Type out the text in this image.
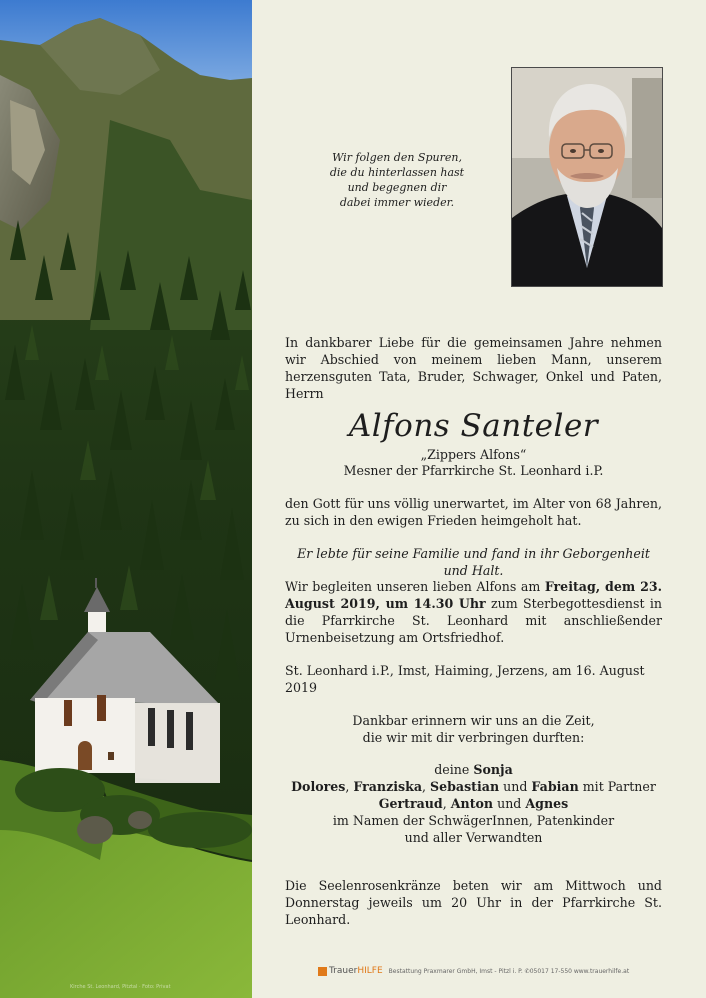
Kirche St. Leonhard, Pitztal · Foto: Privat
Wir folgen den Spuren,
die du hinterlassen hast
und begegnen dir
dabei immer wieder.
In dankbarer Liebe für die gemeinsamen Jahre nehmen wir Abschied von meinem lieben Mann, unserem herzensguten Tata, Bruder, Schwager, Onkel und Paten, Herrn
Alfons Santeler
„Zippers Alfons“
Mesner der Pfarrkirche St. Leonhard i.P.
den Gott für uns völlig unerwartet, im Alter von 68 Jahren, zu sich in den ewigen Frieden heimgeholt hat.
Er lebte für seine Familie und fand in ihr Geborgenheit und Halt.
Wir begleiten unseren lieben Alfons am Freitag, dem 23. August 2019, um 14.30 Uhr zum Sterbegottesdienst in die Pfarrkirche St. Leonhard mit anschließender Urnenbeisetzung am Ortsfriedhof.
St. Leonhard i.P., Imst, Haiming, Jerzens, am 16. August 2019
Dankbar erinnern wir uns an die Zeit,
die wir mit dir verbringen durften:
deine Sonja
Dolores, Franziska, Sebastian und Fabian mit Partner
Gertraud, Anton und Agnes
im Namen der SchwägerInnen, Patenkinder
und aller Verwandten
Die Seelenrosenkränze beten wir am Mittwoch und Donnerstag jeweils um 20 Uhr in der Pfarrkirche St. Leonhard.
TrauerHILFE Bestattung Praxmarer GmbH, Imst - Pitzl i. P. ✆05017 17-550 www.trauerhilfe.at
